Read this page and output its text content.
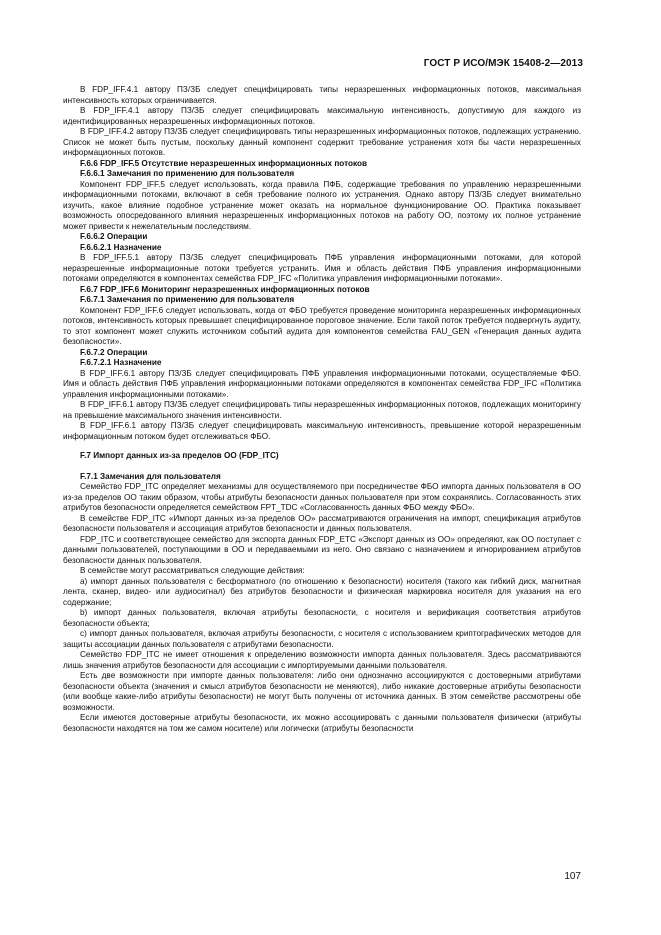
ГОСТ Р ИСО/МЭК 15408-2—2013

В FDP_IFF.4.1 автору ПЗ/ЗБ следует специфицировать типы неразрешенных информационных потоков, максимальная интенсивность которых ограничивается.

В FDP_IFF.4.1 автору ПЗ/ЗБ следует специфицировать максимальную интенсивность, допустимую для каждого из идентифицированных неразрешенных информационных потоков.

В FDP_IFF.4.2 автору ПЗ/ЗБ следует специфицировать типы неразрешенных информационных потоков, подлежащих устранению. Список не может быть пустым, поскольку данный компонент содержит требование устранения хотя бы части неразрешенных информационных потоков.

F.6.6 FDP_IFF.5 Отсутствие неразрешенных информационных потоков

F.6.6.1 Замечания по применению для пользователя

Компонент FDP_IFF.5 следует использовать, когда правила ПФБ, содержащие требования по управлению неразрешенными информационными потоками, включают в себя требование полного их устранения. Однако автору ПЗ/ЗБ следует внимательно изучить, какое влияние подобное устранение может оказать на нормальное функционирование ОО. Практика показывает возможность опосредованного влияния неразрешенных информационных потоков на работу ОО, поэтому их полное устранение может привести к нежелательным последствиям.

F.6.6.2 Операции

F.6.6.2.1 Назначение

В FDP_IFF.5.1 автору ПЗ/ЗБ следует специфицировать ПФБ управления информационными потоками, для которой неразрешенные информационные потоки требуется устранить. Имя и область действия ПФБ управления информационными потоками определяются в компонентах семейства FDP_IFC «Политика управления информационными потоками».

F.6.7 FDP_IFF.6 Мониторинг неразрешенных информационных потоков

F.6.7.1 Замечания по применению для пользователя

Компонент FDP_IFF.6 следует использовать, когда от ФБО требуется проведение мониторинга неразрешенных информационных потоков, интенсивность которых превышает специфицированное пороговое значение. Если такой поток требуется подвергнуть аудиту, то этот компонент может служить источником событий аудита для компонентов семейства FAU_GEN «Генерация данных аудита безопасности».

F.6.7.2 Операции

F.6.7.2.1 Назначение

В FDP_IFF.6.1 автору ПЗ/ЗБ следует специфицировать ПФБ управления информационными потоками, осуществляемые ФБО. Имя и область действия ПФБ управления информационными потоками определяются в компонентах семейства FDP_IFC «Политика управления информационными потоками».

В FDP_IFF.6.1 автору ПЗ/ЗБ следует специфицировать типы неразрешенных информационных потоков, подлежащих мониторингу на превышение максимального значения интенсивности.

В FDP_IFF.6.1 автору ПЗ/ЗБ следует специфицировать максимальную интенсивность, превышение которой неразрешенным информационным потоком будет отслеживаться ФБО.

F.7 Импорт данных из-за пределов ОО (FDP_ITC)

F.7.1 Замечания для пользователя

Семейство FDP_ITC определяет механизмы для осуществляемого при посредничестве ФБО импорта данных пользователя в ОО из-за пределов ОО таким образом, чтобы атрибуты безопасности данных пользователя при этом сохранялись. Согласованность этих атрибутов безопасности определяется семейством FPT_TDC «Согласованность данных ФБО между ФБО».

В семействе FDP_ITC «Импорт данных из-за пределов ОО» рассматриваются ограничения на импорт, спецификация атрибутов безопасности пользователя и ассоциация атрибутов безопасности и данных пользователя.

FDP_ITC и соответствующее семейство для экспорта данных FDP_ETC «Экспорт данных из ОО» определяют, как ОО поступает с данными пользователей, поступающими в ОО и передаваемыми из него. Оно связано с назначением и игнорированием атрибутов безопасности данных пользователя.

В семействе могут рассматриваться следующие действия:

а) импорт данных пользователя с бесформатного (по отношению к безопасности) носителя (такого как гибкий диск, магнитная лента, сканер, видео- или аудиосигнал) без атрибутов безопасности и физическая маркировка носителя для указания на его содержание;

b) импорт данных пользователя, включая атрибуты безопасности, с носителя и верификация соответствия атрибутов безопасности объекта;

с) импорт данных пользователя, включая атрибуты безопасности, с носителя с использованием криптографических методов для защиты ассоциации данных пользователя с атрибутами безопасности.

Семейство FDP_ITC не имеет отношения к определению возможности импорта данных пользователя. Здесь рассматриваются лишь значения атрибутов безопасности для ассоциации с импортируемыми данными пользователя.

Есть две возможности при импорте данных пользователя: либо они однозначно ассоциируются с достоверными атрибутами безопасности объекта (значения и смысл атрибутов безопасности не меняются), либо никакие достоверные атрибуты безопасности (или вообще какие-либо атрибуты безопасности) не могут быть получены от источника данных. В этом семействе рассмотрены обе возможности.

Если имеются достоверные атрибуты безопасности, их можно ассоциировать с данными пользователя физически (атрибуты безопасности находятся на том же самом носителе) или логически (атрибуты безопасности

107
